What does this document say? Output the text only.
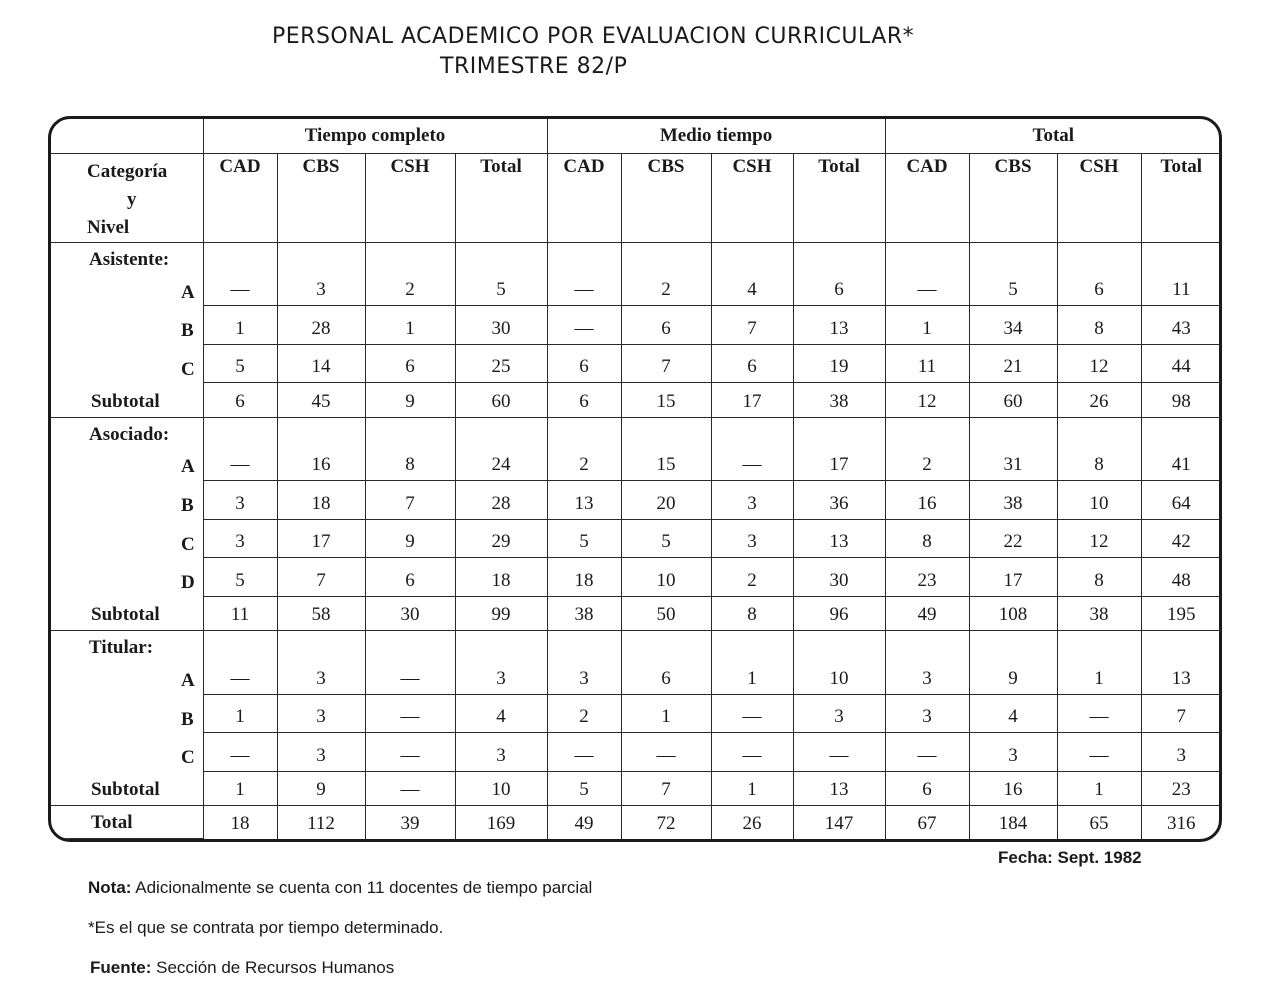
PERSONAL ACADEMICO POR EVALUACION CURRICULAR*
TRIMESTRE 82/P
	Tiempo completo				Medio tiempo				Total			

Categoría
y
Nivel	CAD	CBS	CSH	Total	CAD	CBS	CSH	Total	CAD	CBS	CSH	Total

Asistente:
A	—	3	2	5	—	2	4	6	—	5	6	11

B	1	28	1	30	—	6	7	13	1	34	8	43

C	5	14	6	25	6	7	6	19	11	21	12	44
Subtotal	6	45	9	60	6	15	17	38	12	60	26	98

Asociado:
A	—	16	8	24	2	15	—	17	2	31	8	41

B	3	18	7	28	13	20	3	36	16	38	10	64

C	3	17	9	29	5	5	3	13	8	22	12	42

D	5	7	6	18	18	10	2	30	23	17	8	48
Subtotal	11	58	30	99	38	50	8	96	49	108	38	195

Titular:
A	—	3	—	3	3	6	1	10	3	9	1	13

B	1	3	—	4	2	1	—	3	3	4	—	7

C	—	3	—	3	—	—	—	—	—	3	—	3
Subtotal	1	9	—	10	5	7	1	13	6	16	1	23
Total	18	112	39	169	49	72	26	147	67	184	65	316
Fecha: Sept. 1982
Nota: Adicionalmente se cuenta con 11 docentes de tiempo parcial
*Es el que se contrata por tiempo determinado.
Fuente: Sección de Recursos Humanos
